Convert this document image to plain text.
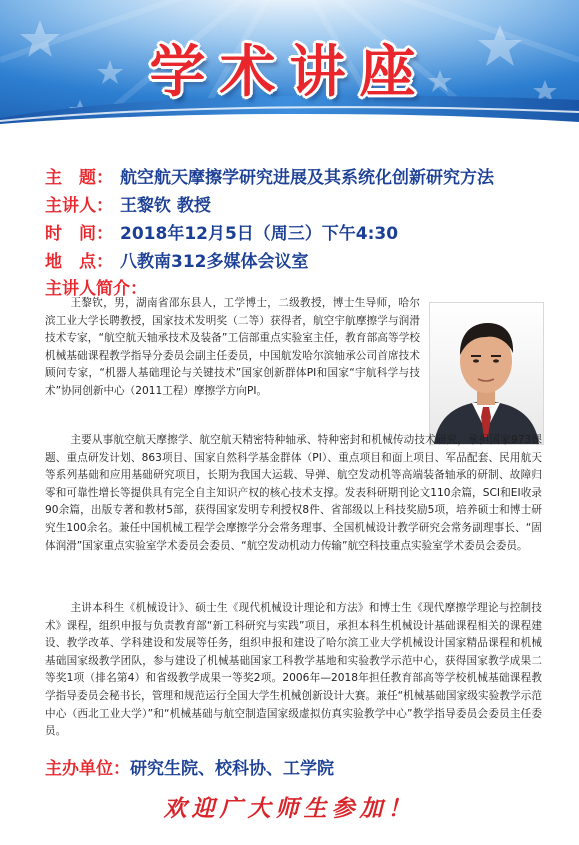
学术讲座
主　题： 航空航天摩擦学研究进展及其系统化创新研究方法
主讲人： 王黎钦 教授
时　间： 2018年12月5日（周三）下午4:30
地　点： 八教南312多媒体会议室
主讲人简介：

王黎钦，男，湖南省邵东县人，工学博士，二级教授，博士生导师，哈尔滨工业大学长聘教授，国家技术发明奖（二等）获得者，航空宇航摩擦学与润滑技术专家，“航空航天轴承技术及装备”工信部重点实验室主任，教育部高等学校机械基础课程教学指导分委员会副主任委员，中国航发哈尔滨轴承公司首席技术顾问专家，“机器人基础理论与关键技术”国家创新群体PI和国家“宇航科学与技术”协同创新中心（2011工程）摩擦学方向PI。

主要从事航空航天摩擦学、航空航天精密特种轴承、特种密封和机械传动技术研究，承担国家973课题、重点研发计划、863项目、国家自然科学基金群体（PI）、重点项目和面上项目、军品配套、民用航天等系列基础和应用基础研究项目，长期为我国大运载、导弹、航空发动机等高端装备轴承的研制、故障归零和可靠性增长等提供具有完全自主知识产权的核心技术支撑。发表科研期刊论文110余篇，SCI和EI收录90余篇，出版专著和教材5部，获得国家发明专利授权8件、省部级以上科技奖励5项，培养硕士和博士研究生100余名。兼任中国机械工程学会摩擦学分会常务理事、全国机械设计教学研究会常务副理事长、“固体润滑”国家重点实验室学术委员会委员、“航空发动机动力传输”航空科技重点实验室学术委员会委员。

主讲本科生《机械设计》、硕士生《现代机械设计理论和方法》和博士生《现代摩擦学理论与控制技术》课程，组织申报与负责教育部“新工科研究与实践”项目，承担本科生机械设计基础课程相关的课程建设、教学改革、学科建设和发展等任务，组织申报和建设了哈尔滨工业大学机械设计国家精品课程和机械基础国家级教学团队，参与建设了机械基础国家工科教学基地和实验教学示范中心，获得国家教学成果二等奖1项（排名第4）和省级教学成果一等奖2项。2006年—2018年担任教育部高等学校机械基础课程教学指导委员会秘书长，管理和规范运行全国大学生机械创新设计大赛。兼任“机械基础国家级实验教学示范中心（西北工业大学）”和“机械基础与航空制造国家级虚拟仿真实验教学中心”教学指导委员会委员主任委员。

主办单位：研究生院、校科协、工学院
欢迎广大师生参加！
